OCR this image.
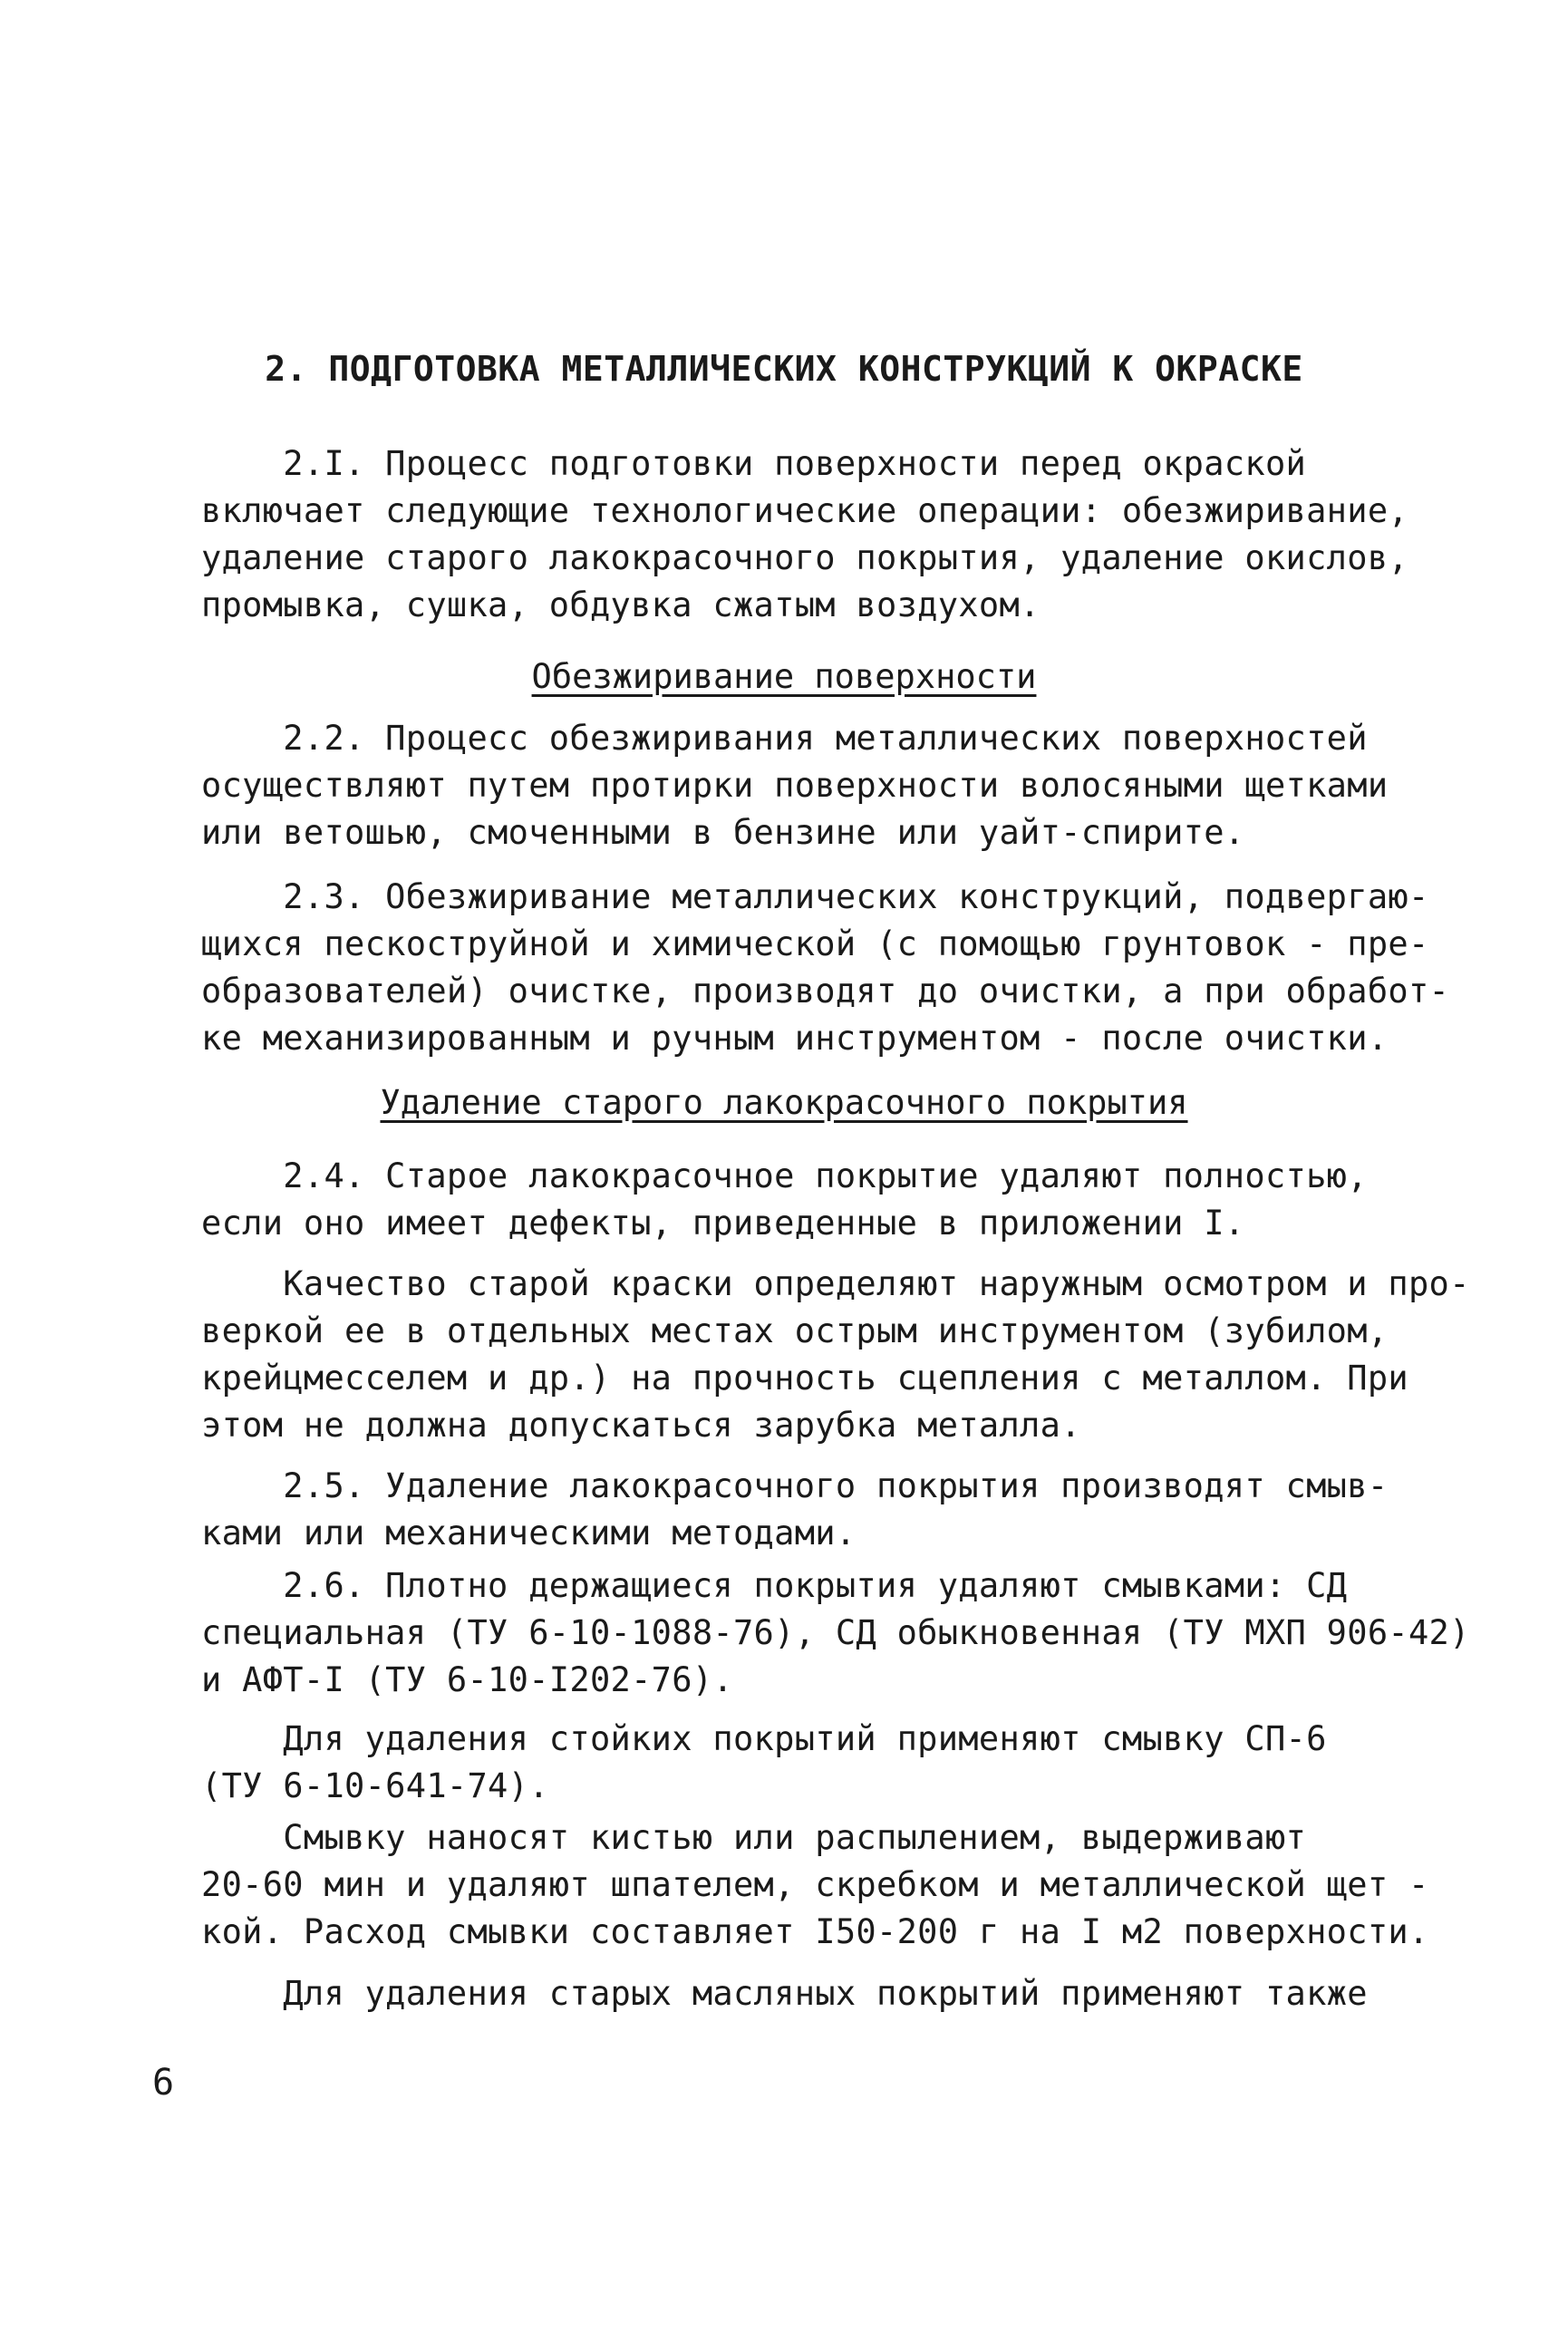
2. ПОДГОТОВКА МЕТАЛЛИЧЕСКИХ КОНСТРУКЦИЙ К ОКРАСКЕ

2.I. Процесс подготовки поверхности перед окраской

включает следующие технологические операции: обезжиривание,

удаление старого лакокрасочного покрытия, удаление окислов,

промывка, сушка, обдувка сжатым воздухом.

Обезжиривание поверхности

2.2. Процесс обезжиривания металлических поверхностей

осуществляют путем протирки поверхности волосяными щетками

или ветошью, смоченными в бензине или уайт-спирите.

2.3. Обезжиривание металлических конструкций, подвергаю-

щихся пескоструйной и химической (с помощью грунтовок - пре-

образователей) очистке, производят до очистки, а при обработ-

ке механизированным и ручным инструментом - после очистки.

Удаление старого лакокрасочного покрытия

2.4. Старое лакокрасочное покрытие удаляют полностью,

если оно имеет дефекты, приведенные в приложении I.

Качество старой краски определяют наружным осмотром и про-

веркой ее в отдельных местах острым инструментом (зубилом,

крейцмесселем и др.) на прочность сцепления с металлом. При

этом не должна допускаться зарубка металла.

2.5. Удаление лакокрасочного покрытия производят смыв-

ками или механическими методами.

2.6. Плотно держащиеся покрытия удаляют смывками: СД

специальная (ТУ 6-10-1088-76), СД обыкновенная (ТУ МХП 906-42)

и АФТ-I (ТУ 6-10-I202-76).

Для удаления стойких покрытий применяют смывку СП-6

(ТУ 6-10-641-74).

Смывку наносят кистью или распылением, выдерживают

20-60 мин и удаляют шпателем, скребком и металлической щет -

кой. Расход смывки составляет I50-200 г на I м2 поверхности.

Для удаления старых масляных покрытий применяют также

6
